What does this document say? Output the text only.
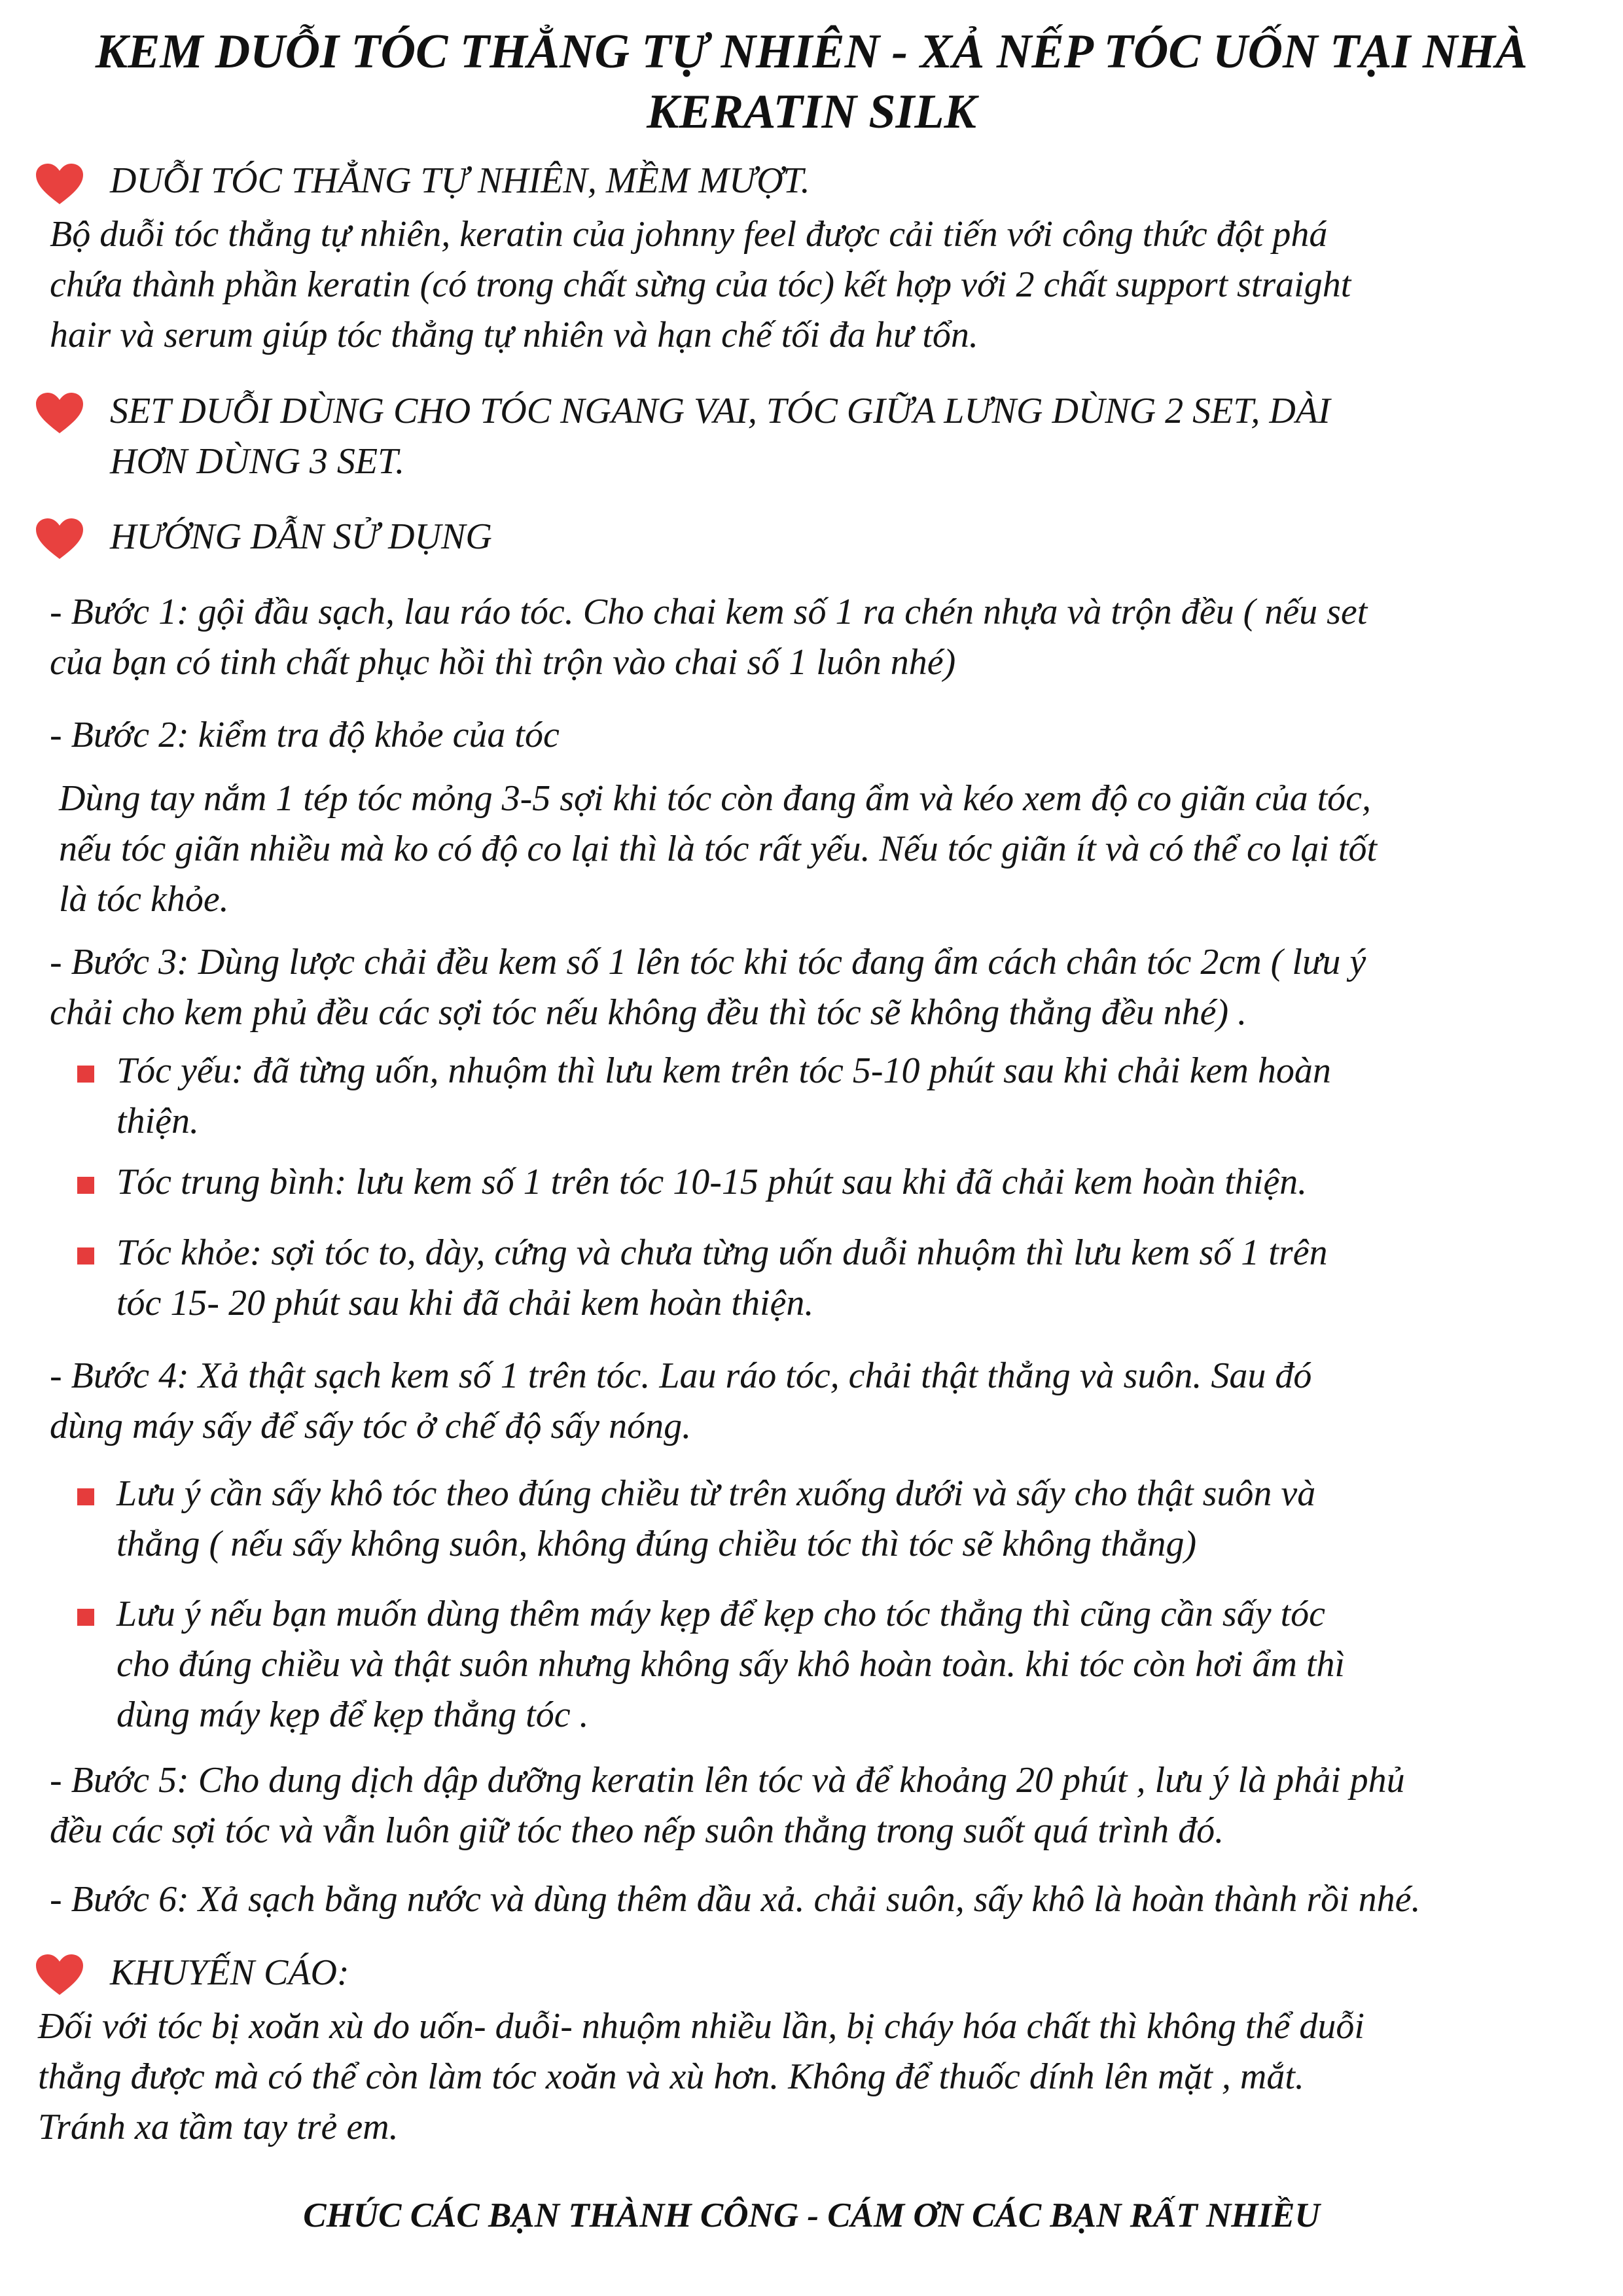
KEM DUỖI TÓC THẲNG TỰ NHIÊN - XẢ NẾP TÓC UỐN TẠI NHÀ
KERATIN SILK
DUỖI TÓC THẲNG TỰ NHIÊN, MỀM MƯỢT.
Bộ duỗi tóc thẳng tự nhiên, keratin của johnny feel được cải tiến với công thức đột phá
chứa thành phần keratin (có trong chất sừng của tóc) kết hợp với 2 chất support straight
hair và serum giúp tóc thẳng tự nhiên và hạn chế tối đa hư tổn.
SET DUỖI DÙNG CHO TÓC NGANG VAI, TÓC GIỮA LƯNG DÙNG 2 SET, DÀI
HƠN DÙNG 3 SET.
HƯỚNG DẪN SỬ DỤNG
- Bước 1: gội đầu sạch, lau ráo tóc. Cho chai kem số 1 ra chén nhựa và trộn đều ( nếu set
của bạn có tinh chất phục hồi thì trộn vào chai số 1 luôn nhé)
- Bước 2: kiểm tra độ khỏe của tóc
Dùng tay nắm 1 tép tóc mỏng 3-5 sợi khi tóc còn đang ẩm và kéo xem độ co giãn của tóc,
nếu tóc giãn nhiều mà ko có độ co lại thì là tóc rất yếu. Nếu tóc giãn ít và có thể co lại tốt
là tóc khỏe.
- Bước 3: Dùng lược chải đều kem số 1 lên tóc khi tóc đang ẩm cách chân tóc 2cm ( lưu ý
chải cho kem phủ đều các sợi tóc nếu không đều thì tóc sẽ không thẳng đều nhé) .
Tóc yếu: đã từng uốn, nhuộm thì lưu kem trên tóc 5-10 phút sau khi chải kem hoàn
thiện.
Tóc trung bình: lưu kem số 1 trên tóc 10-15 phút sau khi đã chải kem hoàn thiện.
Tóc khỏe: sợi tóc to, dày, cứng và chưa từng uốn duỗi nhuộm thì lưu kem số 1 trên
tóc 15- 20 phút sau khi đã chải kem hoàn thiện.
- Bước 4: Xả thật sạch kem số 1 trên tóc. Lau ráo tóc, chải thật thẳng và suôn. Sau đó
dùng máy sấy để sấy tóc ở chế độ sấy nóng.
Lưu ý cần sấy khô tóc theo đúng chiều từ trên xuống dưới và sấy cho thật suôn và
thẳng ( nếu sấy không suôn, không đúng chiều tóc thì tóc sẽ không thẳng)
Lưu ý nếu bạn muốn dùng thêm máy kẹp để kẹp cho tóc thẳng thì cũng cần sấy tóc
cho đúng chiều và thật suôn nhưng không sấy khô hoàn toàn. khi tóc còn hơi ẩm thì
dùng máy kẹp để kẹp thẳng tóc .
- Bước 5: Cho dung dịch dập dưỡng keratin lên tóc và để khoảng 20 phút , lưu ý là phải phủ
đều các sợi tóc và vẫn luôn giữ tóc theo nếp suôn thẳng trong suốt quá trình đó.
- Bước 6: Xả sạch bằng nước và dùng thêm dầu xả. chải suôn, sấy khô là hoàn thành rồi nhé.
KHUYẾN CÁO:
Đối với tóc bị xoăn xù do uốn- duỗi- nhuộm nhiều lần, bị cháy hóa chất thì không thể duỗi
thẳng được mà có thể còn làm tóc xoăn và xù hơn. Không để thuốc dính lên mặt , mắt.
Tránh xa tầm tay trẻ em.
CHÚC CÁC BẠN THÀNH CÔNG - CÁM ƠN CÁC BẠN RẤT NHIỀU
